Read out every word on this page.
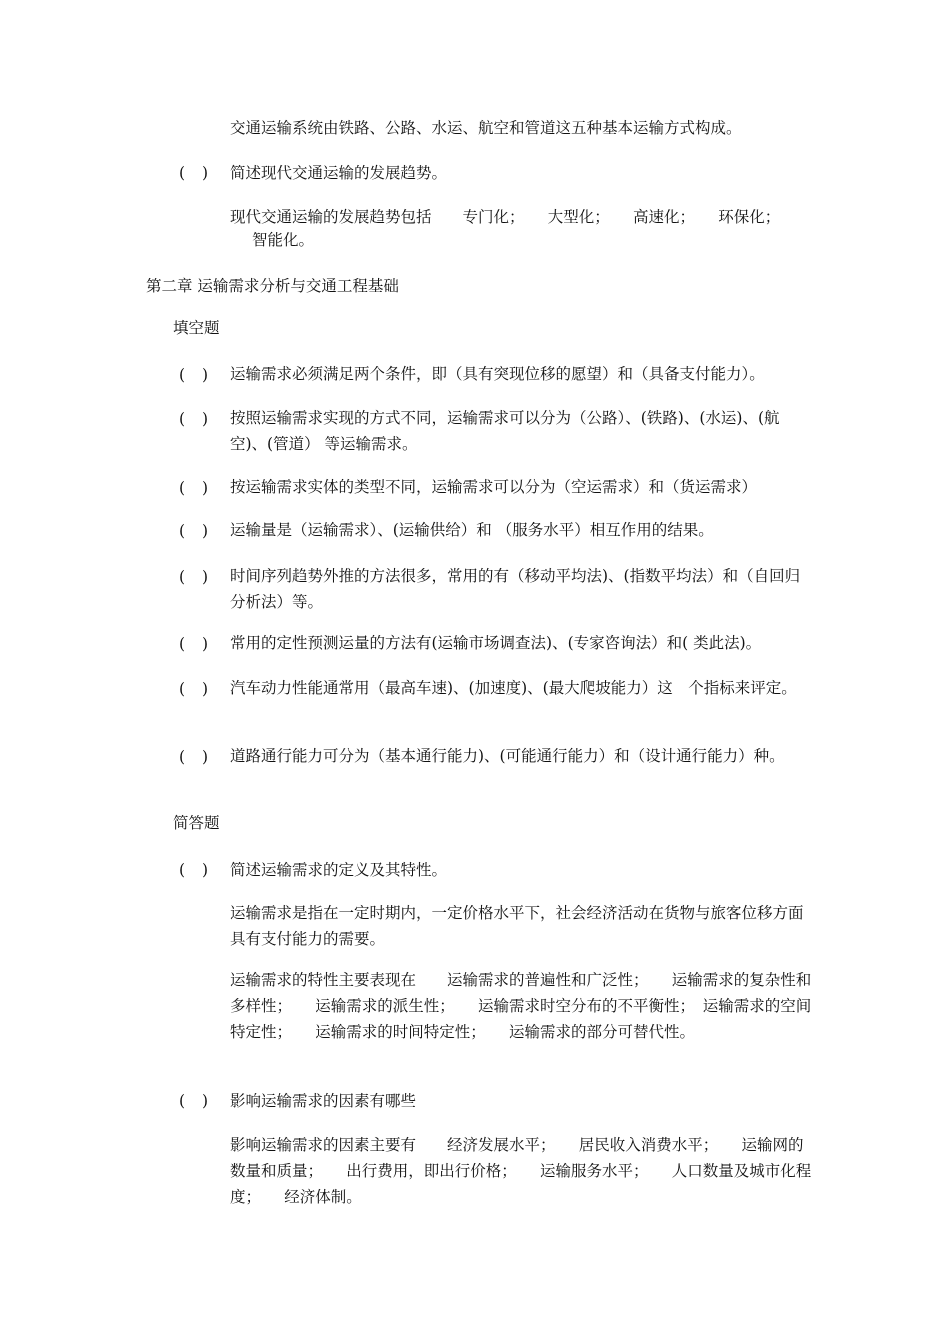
交通运输系统由铁路、公路、水运、航空和管道这五种基本运输方式构成。
( ) 简述现代交通运输的发展趋势。
现代交通运输的发展趋势包括　　专门化；　　大型化；　　高速化；　　环保化；
智能化。
第二章 运输需求分析与交通工程基础
填空题
( ) 运输需求必须满足两个条件，即（具有突现位移的愿望）和（具备支付能力）。
( ) 按照运输需求实现的方式不同，运输需求可以分为（公路）、(铁路)、(水运)、(航空)、(管道） 等运输需求。
( ) 按运输需求实体的类型不同，运输需求可以分为（空运需求）和（货运需求）
( ) 运输量是（运输需求）、(运输供给）和 （服务水平）相互作用的结果。
( ) 时间序列趋势外推的方法很多，常用的有（移动平均法)、(指数平均法）和（自回归分析法）等。
( ) 常用的定性预测运量的方法有(运输市场调查法)、(专家咨询法）和( 类此法)。
( ) 汽车动力性能通常用（最高车速)、(加速度)、(最大爬坡能力）这　个指标来评定。
( ) 道路通行能力可分为（基本通行能力)、(可能通行能力）和（设计通行能力）种。
简答题
( ) 简述运输需求的定义及其特性。
运输需求是指在一定时期内，一定价格水平下，社会经济活动在货物与旅客位移方面具有支付能力的需要。
运输需求的特性主要表现在　　运输需求的普遍性和广泛性；　　运输需求的复杂性和多样性；　　运输需求的派生性；　　运输需求时空分布的不平衡性；　运输需求的空间特定性；　　运输需求的时间特定性；　　运输需求的部分可替代性。
( ) 影响运输需求的因素有哪些
影响运输需求的因素主要有　　经济发展水平；　　居民收入消费水平；　　运输网的数量和质量；　　出行费用，即出行价格；　　运输服务水平；　　人口数量及城市化程度；　　经济体制。
